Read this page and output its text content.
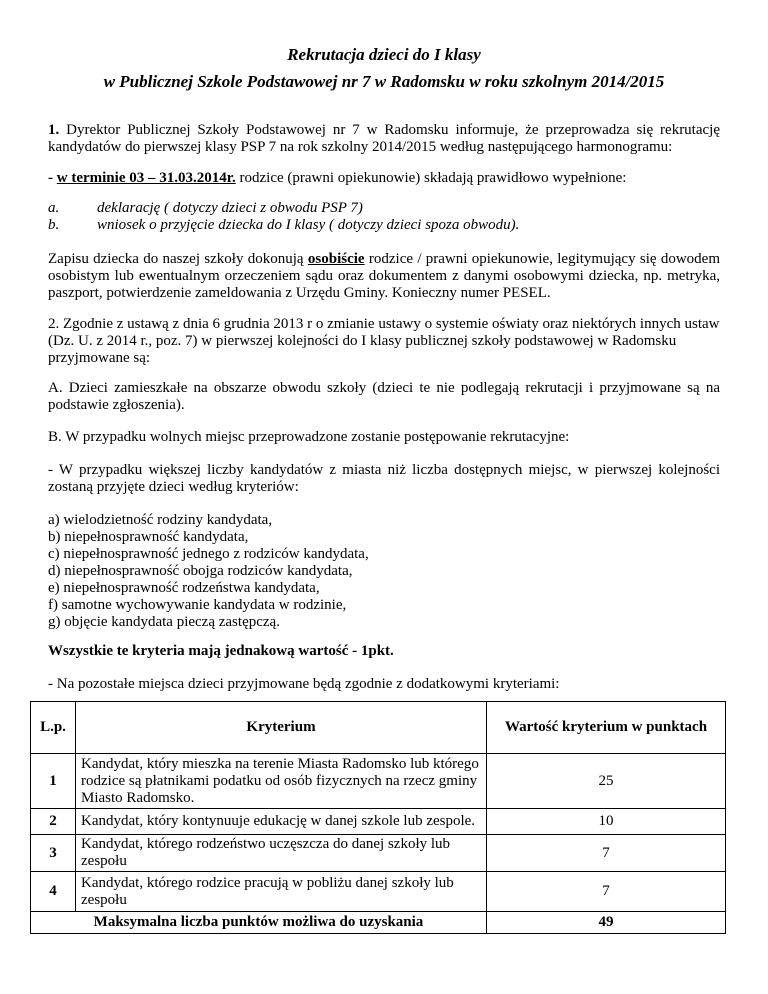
Rekrutacja dzieci do I klasy

w Publicznej Szkole Podstawowej nr 7 w Radomsku w roku szkolnym 2014/2015

1. Dyrektor Publicznej Szkoły Podstawowej nr 7 w Radomsku informuje, że przeprowadza się rekrutację kandydatów do pierwszej klasy PSP 7 na rok szkolny 2014/2015 według następującego harmonogramu:

- w terminie 03 – 31.03.2014r. rodzice (prawni opiekunowie) składają prawidłowo wypełnione:

a.	deklarację ( dotyczy dzieci z obwodu PSP 7)
b.	wniosek o przyjęcie dziecka do I klasy ( dotyczy dzieci spoza obwodu).

Zapisu dziecka do naszej szkoły dokonują osobiście rodzice / prawni opiekunowie, legitymujący się dowodem osobistym lub ewentualnym orzeczeniem sądu oraz dokumentem z danymi osobowymi dziecka, np. metryka, paszport, potwierdzenie zameldowania z Urzędu Gminy. Konieczny numer PESEL.

2. Zgodnie z ustawą z dnia 6 grudnia 2013 r o zmianie ustawy o systemie oświaty oraz niektórych innych ustaw (Dz. U. z 2014 r., poz. 7) w pierwszej kolejności do I klasy publicznej szkoły podstawowej w Radomsku przyjmowane są:

A. Dzieci zamieszkałe na obszarze obwodu szkoły (dzieci te nie podlegają rekrutacji i przyjmowane są na podstawie zgłoszenia).

B. W przypadku wolnych miejsc przeprowadzone zostanie postępowanie rekrutacyjne:

- W przypadku większej liczby kandydatów z miasta niż liczba dostępnych miejsc, w pierwszej kolejności zostaną przyjęte dzieci według kryteriów:

a) wielodzietność rodziny kandydata,
b) niepełnosprawność kandydata,
c) niepełnosprawność jednego z rodziców kandydata,
d) niepełnosprawność obojga rodziców kandydata,
e) niepełnosprawność rodzeństwa kandydata,
f) samotne wychowywanie kandydata w rodzinie,
g) objęcie kandydata pieczą zastępczą.

Wszystkie te kryteria mają jednakową wartość - 1pkt.

- Na pozostałe miejsca dzieci przyjmowane będą zgodnie z dodatkowymi kryteriami:

L.p.	Kryterium	Wartość kryterium w punktach
1	Kandydat, który mieszka na terenie Miasta Radomsko lub którego rodzice są płatnikami podatku od osób fizycznych na rzecz gminy Miasto Radomsko.	25
2	Kandydat, który kontynuuje edukację w danej szkole lub zespole.	10
3	Kandydat, którego rodzeństwo uczęszcza do danej szkoły lub zespołu	7
4	Kandydat, którego rodzice pracują w pobliżu danej szkoły lub zespołu	7
Maksymalna liczba punktów możliwa do uzyskania		49
